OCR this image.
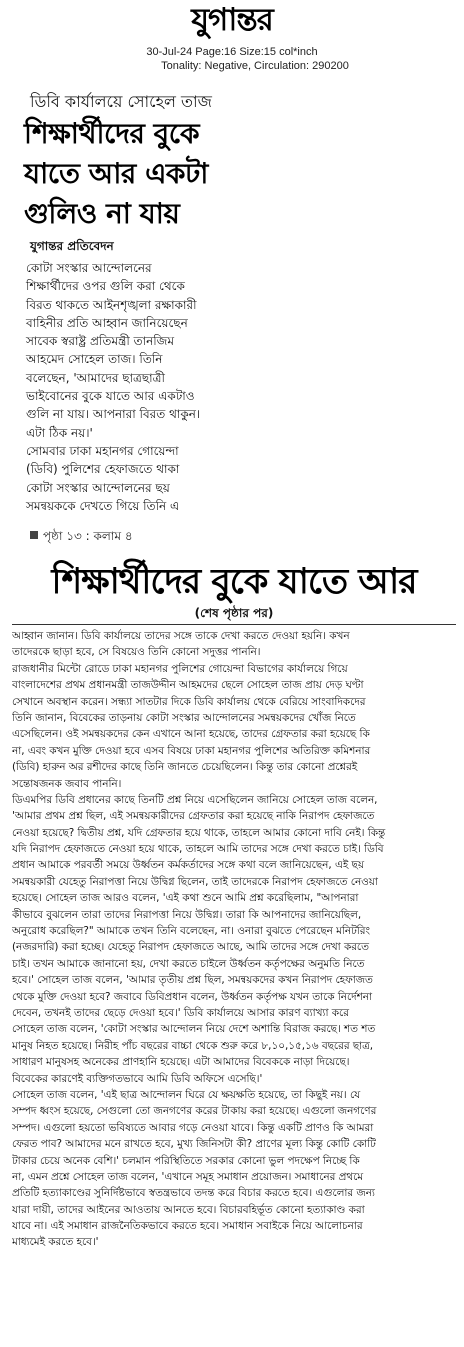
যুগান্তর
30-Jul-24 Page:16 Size:15 col*inch
Tonality: Negative, Circulation: 290200
ডিবি কার্যালয়ে সোহেল তাজ
শিক্ষার্থীদের বুকে
যাতে আর একটা
গুলিও না যায়
যুগান্তর প্রতিবেদন
কোটা সংস্কার আন্দোলনের
শিক্ষার্থীদের ওপর গুলি করা থেকে
বিরত থাকতে আইনশৃঙ্খলা রক্ষাকারী
বাহিনীর প্রতি আহ্বান জানিয়েছেন
সাবেক স্বরাষ্ট্র প্রতিমন্ত্রী তানজিম
আহমেদ সোহেল তাজ। তিনি
বলেছেন, 'আমাদের ছাত্রছাত্রী
ভাইবোনের বুকে যাতে আর একটাও
গুলি না যায়। আপনারা বিরত থাকুন।
এটা ঠিক নয়।'
সোমবার ঢাকা মহানগর গোয়েন্দা
(ডিবি) পুলিশের হেফাজতে থাকা
কোটা সংস্কার আন্দোলনের ছয়
সমন্বয়ককে দেখতে গিয়ে তিনি এ
পৃষ্ঠা ১৩ : কলাম ৪
শিক্ষার্থীদের বুকে যাতে আর
(শেষ পৃষ্ঠার পর)
আহ্বান জানান। ডিবি কার্যালয়ে তাদের সঙ্গে তাকে দেখা করতে দেওয়া হয়নি। কখন
তাদেরকে ছাড়া হবে, সে বিষয়েও তিনি কোনো সদুত্তর পাননি।
রাজধানীর মিন্টো রোডে ঢাকা মহানগর পুলিশের গোয়েন্দা বিভাগের কার্যালয়ে গিয়ে
বাংলাদেশের প্রথম প্রধানমন্ত্রী তাজউদ্দীন আহমদের ছেলে সোহেল তাজ প্রায় দেড় ঘণ্টা
সেখানে অবস্থান করেন। সন্ধ্যা সাতটার দিকে ডিবি কার্যালয় থেকে বেরিয়ে সাংবাদিকদের
তিনি জানান, বিবেকের তাড়নায় কোটা সংস্কার আন্দোলনের সমন্বয়কদের খোঁজ নিতে
এসেছিলেন। ওই সমন্বয়কদের কেন এখানে আনা হয়েছে, তাদের গ্রেফতার করা হয়েছে কি
না, এবং কখন মুক্তি দেওয়া হবে এসব বিষয়ে ঢাকা মহানগর পুলিশের অতিরিক্ত কমিশনার
(ডিবি) হারুন অর রশীদের কাছে তিনি জানতে চেয়েছিলেন। কিন্তু তার কোনো প্রশ্নেরই
সন্তোষজনক জবাব পাননি।
ডিএমপির ডিবি প্রধানের কাছে তিনটি প্রশ্ন নিয়ে এসেছিলেন জানিয়ে সোহেল তাজ বলেন,
'আমার প্রথম প্রশ্ন ছিল, এই সমন্বয়কারীদের গ্রেফতার করা হয়েছে নাকি নিরাপদ হেফাজতে
নেওয়া হয়েছে? দ্বিতীয় প্রশ্ন, যদি গ্রেফতার হয়ে থাকে, তাহলে আমার কোনো দাবি নেই। কিন্তু
যদি নিরাপদ হেফাজতে নেওয়া হয়ে থাকে, তাহলে আমি তাদের সঙ্গে দেখা করতে চাই। ডিবি
প্রধান আমাকে পরবর্তী সময়ে উর্ধ্বতন কর্মকর্তাদের সঙ্গে কথা বলে জানিয়েছেন, এই ছয়
সমন্বয়কারী যেহেতু নিরাপত্তা নিয়ে উদ্বিগ্ন ছিলেন, তাই তাদেরকে নিরাপদ হেফাজতে নেওয়া
হয়েছে। সোহেল তাজ আরও বলেন, 'এই কথা শুনে আমি প্রশ্ন করেছিলাম, "আপনারা
কীভাবে বুঝলেন তারা তাদের নিরাপত্তা নিয়ে উদ্বিগ্ন। তারা কি আপনাদের জানিয়েছিল,
অনুরোধ করেছিল?" আমাকে তখন তিনি বলেছেন, না। ওনারা বুঝতে পেরেছেন মনিটরিং
(নজরদারি) করা হচ্ছে। যেহেতু নিরাপদ হেফাজতে আছে, আমি তাদের সঙ্গে দেখা করতে
চাই। তখন আমাকে জানানো হয়, দেখা করতে চাইলে উর্ধ্বতন কর্তৃপক্ষের অনুমতি নিতে
হবে।' সোহেল তাজ বলেন, 'আমার তৃতীয় প্রশ্ন ছিল, সমন্বয়কদের কখন নিরাপদ হেফাজত
থেকে মুক্তি দেওয়া হবে? জবাবে ডিবিপ্রধান বলেন, উর্ধ্বতন কর্তৃপক্ষ যখন তাকে নির্দেশনা
দেবেন, তখনই তাদের ছেড়ে দেওয়া হবে।' ডিবি কার্যালয়ে আসার কারণ ব্যাখ্যা করে
সোহেল তাজ বলেন, 'কোটা সংস্কার আন্দোলন নিয়ে দেশে অশান্তি বিরাজ করছে। শত শত
মানুষ নিহত হয়েছে। নিরীহ পাঁচ বছরের বাচ্চা থেকে শুরু করে ৮,১০,১৫,১৬ বছরের ছাত্র,
সাধারণ মানুষসহ অনেকের প্রাণহানি হয়েছে। এটা আমাদের বিবেককে নাড়া দিয়েছে।
বিবেকের কারণেই ব্যক্তিগতভাবে আমি ডিবি অফিসে এসেছি।'
সোহেল তাজ বলেন, 'এই ছাত্র আন্দোলন ঘিরে যে ক্ষয়ক্ষতি হয়েছে, তা কিছুই নয়। যে
সম্পদ ধ্বংস হয়েছে, সেগুলো তো জনগণের করের টাকায় করা হয়েছে। এগুলো জনগণের
সম্পদ। এগুলো হয়তো ভবিষ্যতে আবার গড়ে নেওয়া যাবে। কিন্তু একটি প্রাণও কি আমরা
ফেরত পাব? আমাদের মনে রাখতে হবে, মুখ্য জিনিসটা কী? প্রাণের মূল্য কিন্তু কোটি কোটি
টাকার চেয়ে অনেক বেশি।' চলমান পরিস্থিতিতে সরকার কোনো ভুল পদক্ষেপ নিচ্ছে কি
না, এমন প্রশ্নে সোহেল তাজ বলেন, 'এখানে সমূহ সমাধান প্রয়োজন। সমাধানের প্রথমে
প্রতিটি হত্যাকাণ্ডের সুনির্দিষ্টভাবে স্বতন্ত্রভাবে তদন্ত করে বিচার করতে হবে। এগুলোর জন্য
যারা দায়ী, তাদের আইনের আওতায় আনতে হবে। বিচারবহির্ভূত কোনো হত্যাকাণ্ড করা
যাবে না। এই সমাধান রাজনৈতিকভাবে করতে হবে। সমাধান সবাইকে নিয়ে আলোচনার
মাধ্যমেই করতে হবে।'
